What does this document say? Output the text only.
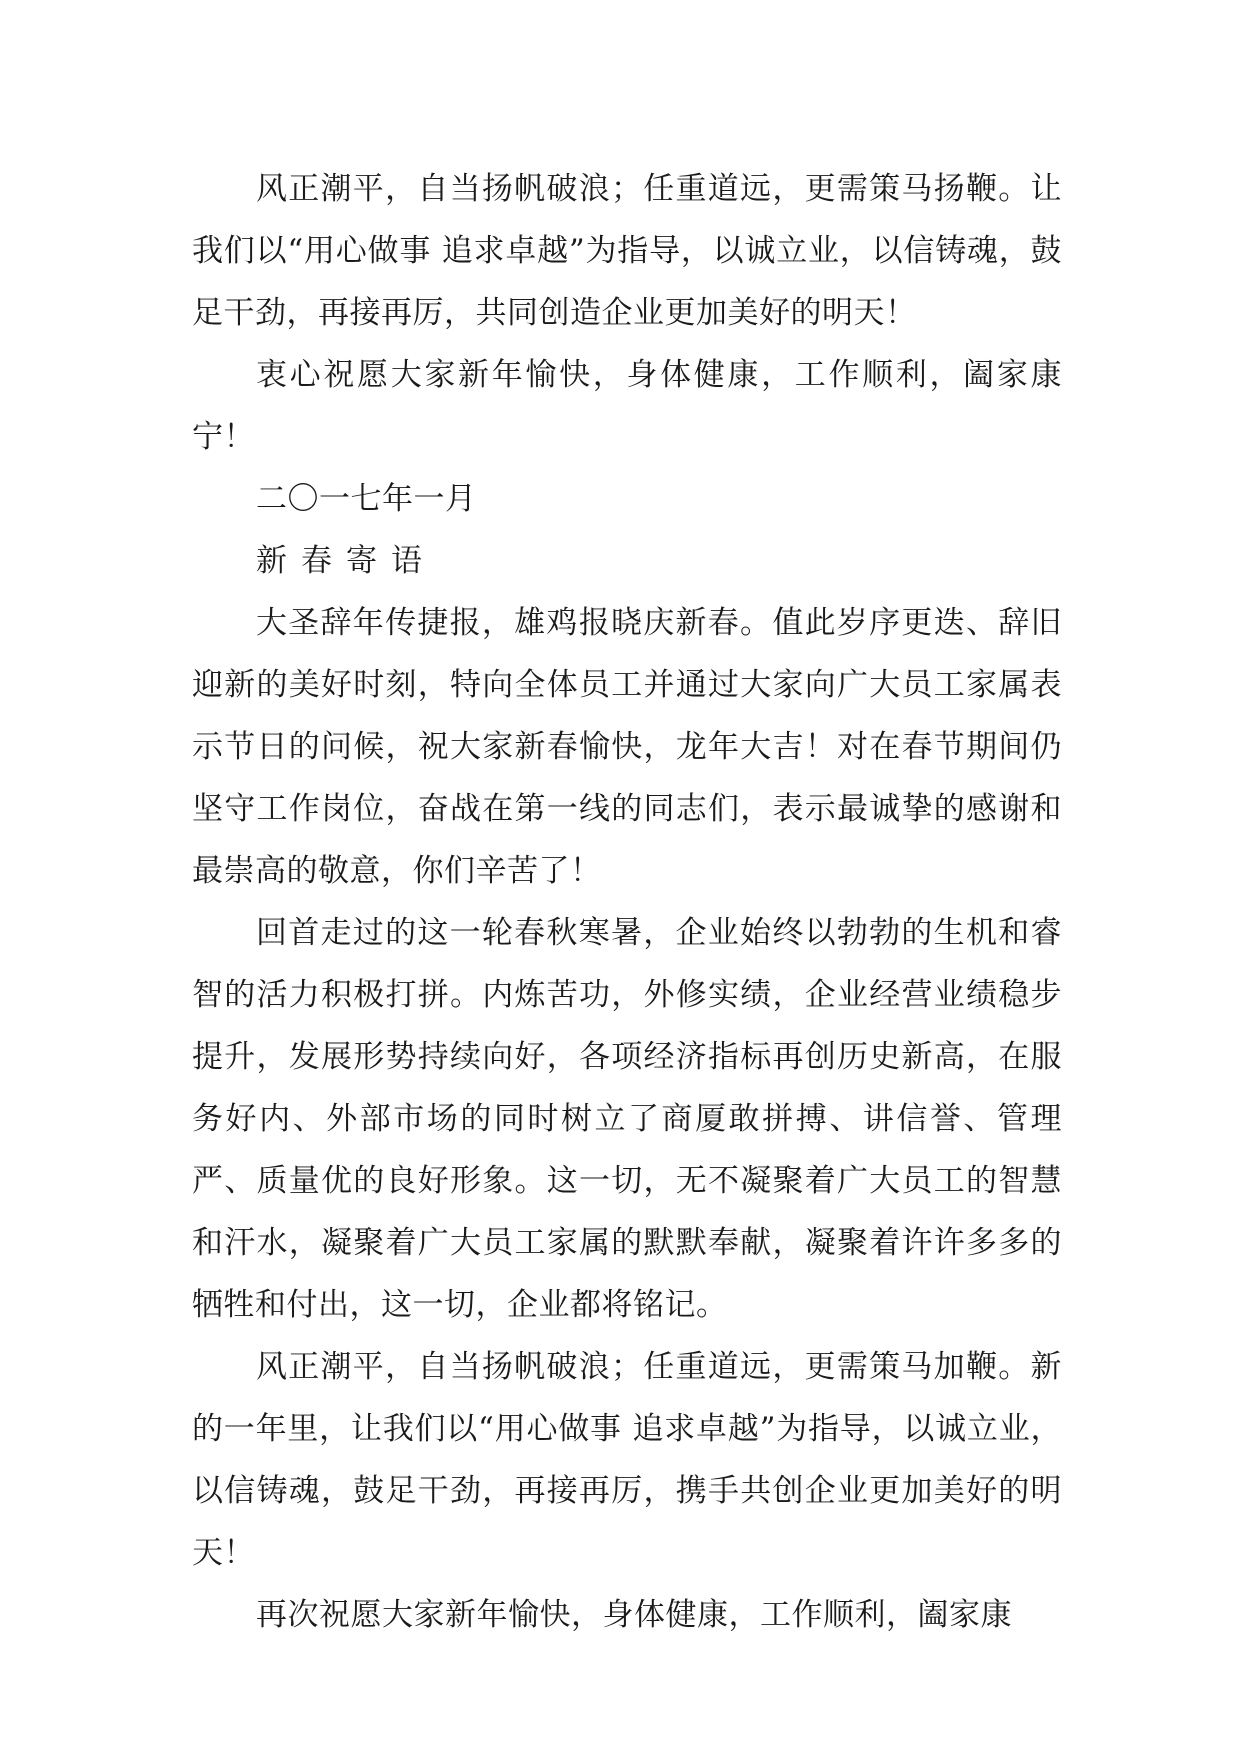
风正潮平，自当扬帆破浪；任重道远，更需策马扬鞭。让我们以“用心做事 追求卓越”为指导，以诚立业，以信铸魂，鼓足干劲，再接再厉，共同创造企业更加美好的明天！

衷心祝愿大家新年愉快，身体健康，工作顺利，阖家康宁！

二〇一七年一月

新春寄语

大圣辞年传捷报，雄鸡报晓庆新春。值此岁序更迭、辞旧迎新的美好时刻，特向全体员工并通过大家向广大员工家属表示节日的问候，祝大家新春愉快，龙年大吉！对在春节期间仍坚守工作岗位，奋战在第一线的同志们，表示最诚挚的感谢和最崇高的敬意，你们辛苦了！

回首走过的这一轮春秋寒暑，企业始终以勃勃的生机和睿智的活力积极打拼。内炼苦功，外修实绩，企业经营业绩稳步提升，发展形势持续向好，各项经济指标再创历史新高，在服务好内、外部市场的同时树立了商厦敢拼搏、讲信誉、管理严、质量优的良好形象。这一切，无不凝聚着广大员工的智慧和汗水，凝聚着广大员工家属的默默奉献，凝聚着许许多多的牺牲和付出，这一切，企业都将铭记。

风正潮平，自当扬帆破浪；任重道远，更需策马加鞭。新的一年里，让我们以“用心做事 追求卓越”为指导，以诚立业，以信铸魂，鼓足干劲，再接再厉，携手共创企业更加美好的明天！

再次祝愿大家新年愉快，身体健康，工作顺利，阖家康
